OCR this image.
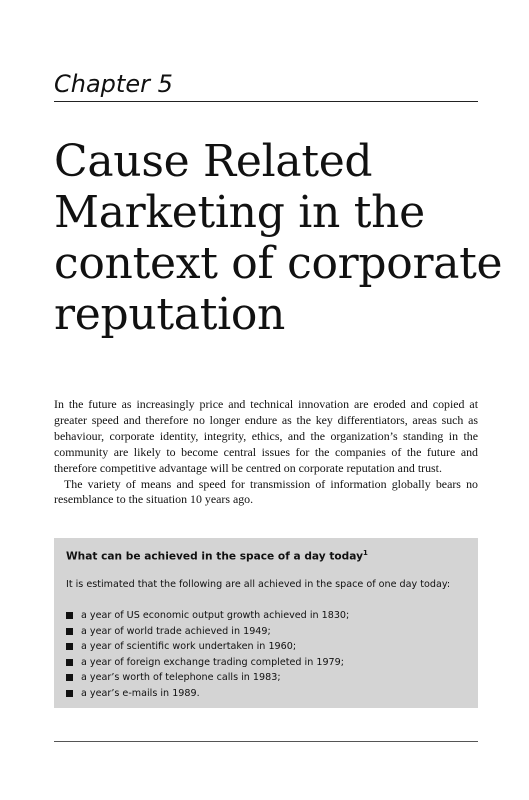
Chapter 5
Cause Related
Marketing in the
context of corporate
reputation

In the future as increasingly price and technical innovation are eroded and copied at greater speed and therefore no longer endure as the key differentiators, areas such as behaviour, corporate identity, integrity, ethics, and the organization’s standing in the community are likely to become central issues for the companies of the future and therefore competitive advantage will be centred on corporate reputation and trust.

The variety of means and speed for transmission of information globally bears no resemblance to the situation 10 years ago.

What can be achieved in the space of a day today$^1$
It is estimated that the following are all achieved in the space of one day today:
a year of US economic output growth achieved in 1830;
a year of world trade achieved in 1949;
a year of scientific work undertaken in 1960;
a year of foreign exchange trading completed in 1979;
a year’s worth of telephone calls in 1983;
a year’s e-mails in 1989.
